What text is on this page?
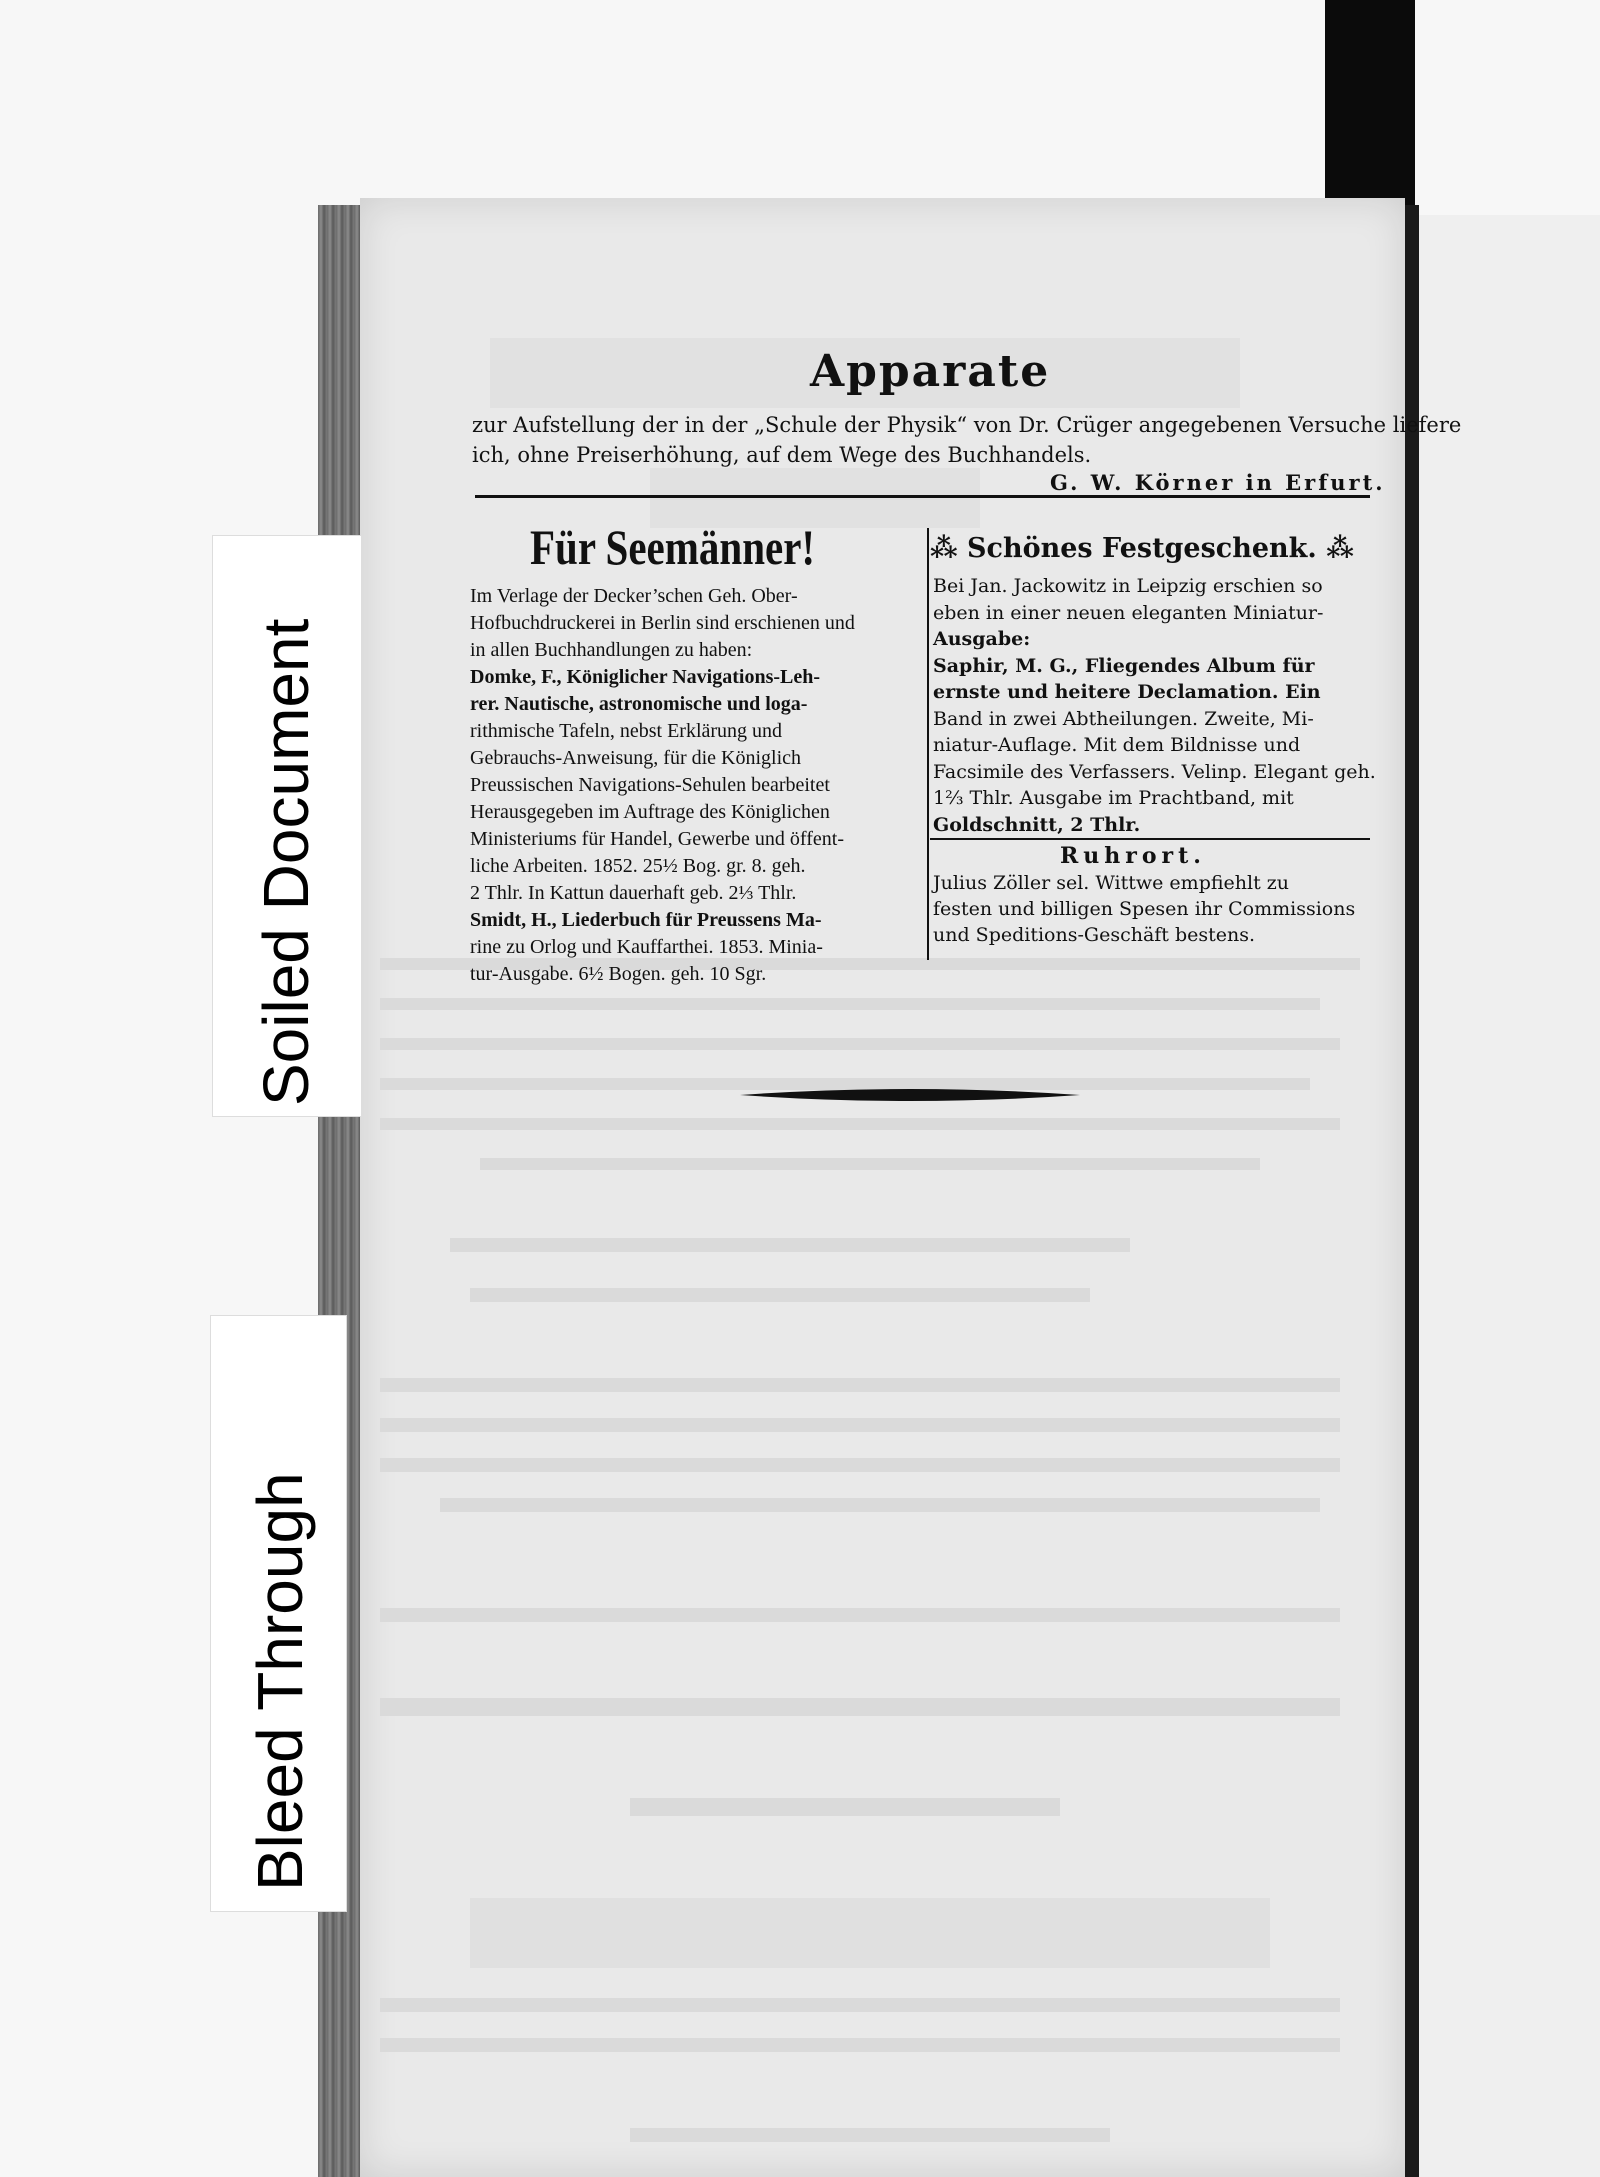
Apparate
zur Aufstellung der in der „Schule der Physik“ von Dr. Crüger angegebenen Versuche liefere
ich, ohne Preiserhöhung, auf dem Wege des Buchhandels.
G. W. Körner in Erfurt.
Für Seemänner!
Im Verlage der Decker’schen Geh. Ober-
Hofbuchdruckerei in Berlin sind erschienen und
in allen Buchhandlungen zu haben:
Domke, F., Königlicher Navigations-Leh-
rer. Nautische, astronomische und loga-
rithmische Tafeln, nebst Erklärung und
Gebrauchs-Anweisung, für die Königlich
Preussischen Navigations-Sehulen bearbeitet
Herausgegeben im Auftrage des Königlichen
Ministeriums für Handel, Gewerbe und öffent-
liche Arbeiten. 1852. 25½ Bog. gr. 8. geh.
2 Thlr. In Kattun dauerhaft geb. 2⅓ Thlr.
Smidt, H., Liederbuch für Preussens Ma-
rine zu Orlog und Kauffarthei. 1853. Minia-
tur-Ausgabe. 6½ Bogen. geh. 10 Sgr.
⁂ Schönes Festgeschenk. ⁂
Bei Jan. Jackowitz in Leipzig erschien so
eben in einer neuen eleganten Miniatur-
Ausgabe:
Saphir, M. G., Fliegendes Album für
ernste und heitere Declamation. Ein
Band in zwei Abtheilungen. Zweite, Mi-
niatur-Auflage. Mit dem Bildnisse und
Facsimile des Verfassers. Velinp. Elegant geh.
1⅔ Thlr. Ausgabe im Prachtband, mit
Goldschnitt, 2 Thlr.
Ruhrort.
Julius Zöller sel. Wittwe empfiehlt zu
festen und billigen Spesen ihr Commissions
und Speditions-Geschäft bestens.
Soiled Document
Bleed Through
